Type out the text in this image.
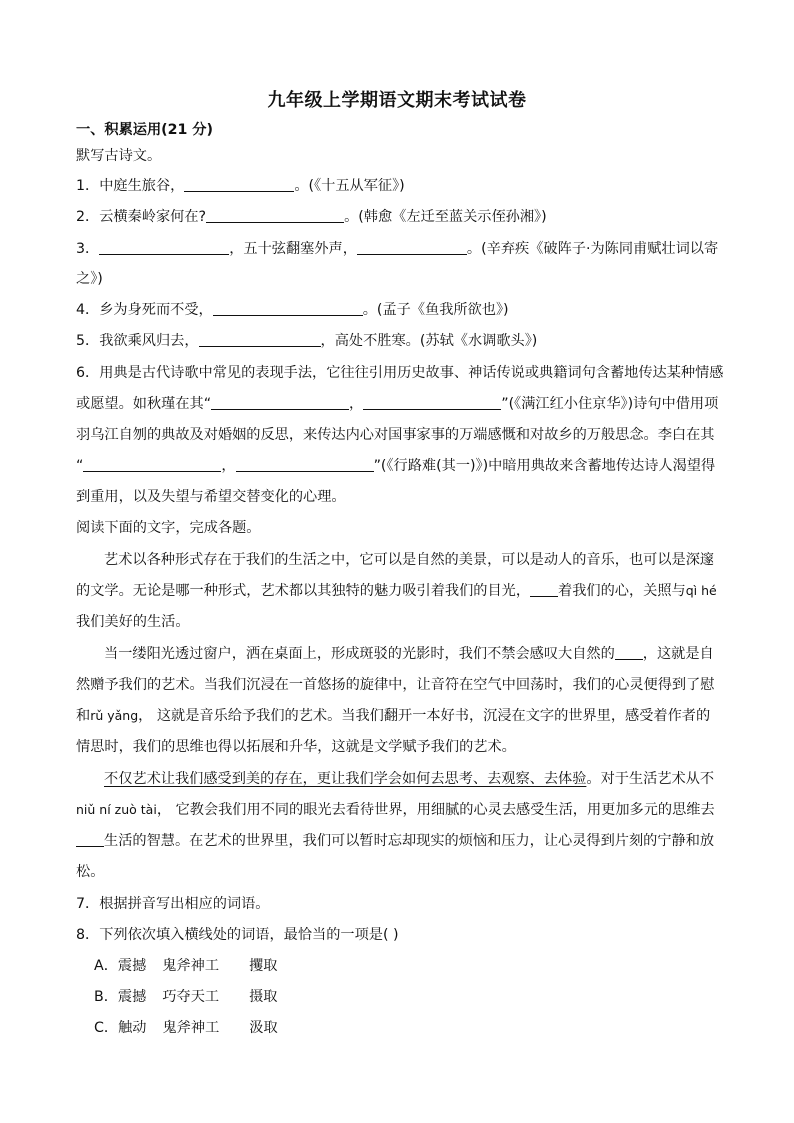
九年级上学期语文期末考试试卷
一、积累运用(21 分)
默写古诗文。
1．中庭生旅谷，	。(《十五从军征》)
2．云横秦岭家何在?	。(韩愈《左迁至蓝关示侄孙湘》)
3．	，五十弦翻塞外声，	。(辛弃疾《破阵子·为陈同甫赋壮词以寄
之》)
4．乡为身死而不受，	。(孟子《鱼我所欲也》)
5．我欲乘风归去，	，高处不胜寒。(苏轼《水调歌头》)
6．用典是古代诗歌中常见的表现手法，它往往引用历史故事、神话传说或典籍词句含蓄地传达某种情感
或愿望。如秋瑾在其“	，	”(《满江红小住京华》)诗句中借用项
羽乌江自刎的典故及对婚姻的反思，来传达内心对国事家事的万端感慨和对故乡的万般思念。李白在其
“	，	”(《行路难(其一)》)中暗用典故来含蓄地传达诗人渴望得
到重用，以及失望与希望交替变化的心理。
阅读下面的文字，完成各题。
艺术以各种形式存在于我们的生活之中，它可以是自然的美景，可以是动人的音乐，也可以是深邃
的文学。无论是哪一种形式，艺术都以其独特的魅力吸引着我们的目光， 着我们的心，关照与qì hé
我们美好的生活。
当一缕阳光透过窗户，洒在桌面上，形成斑驳的光影时，我们不禁会感叹大自然的 ，这就是自
然赠予我们的艺术。当我们沉浸在一首悠扬的旋律中，让音符在空气中回荡时，我们的心灵便得到了慰
和rǔ yǎng， 这就是音乐给予我们的艺术。当我们翻开一本好书，沉浸在文字的世界里，感受着作者的
情思时，我们的思维也得以拓展和升华，这就是文学赋予我们的艺术。
不仅艺术让我们感受到美的存在，更让我们学会如何去思考、去观察、去体验。对于生活艺术从不
niǔ ní zuò tài， 它教会我们用不同的眼光去看待世界，用细腻的心灵去感受生活，用更加多元的思维去
生活的智慧。在艺术的世界里，我们可以暂时忘却现实的烦恼和压力，让心灵得到片刻的宁静和放
松。
7．根据拼音写出相应的词语。
8．下列依次填入横线处的词语，最恰当的一项是( )
A．震撼 鬼斧神工 攫取
B．震撼 巧夺天工 摄取
C．触动 鬼斧神工 汲取
